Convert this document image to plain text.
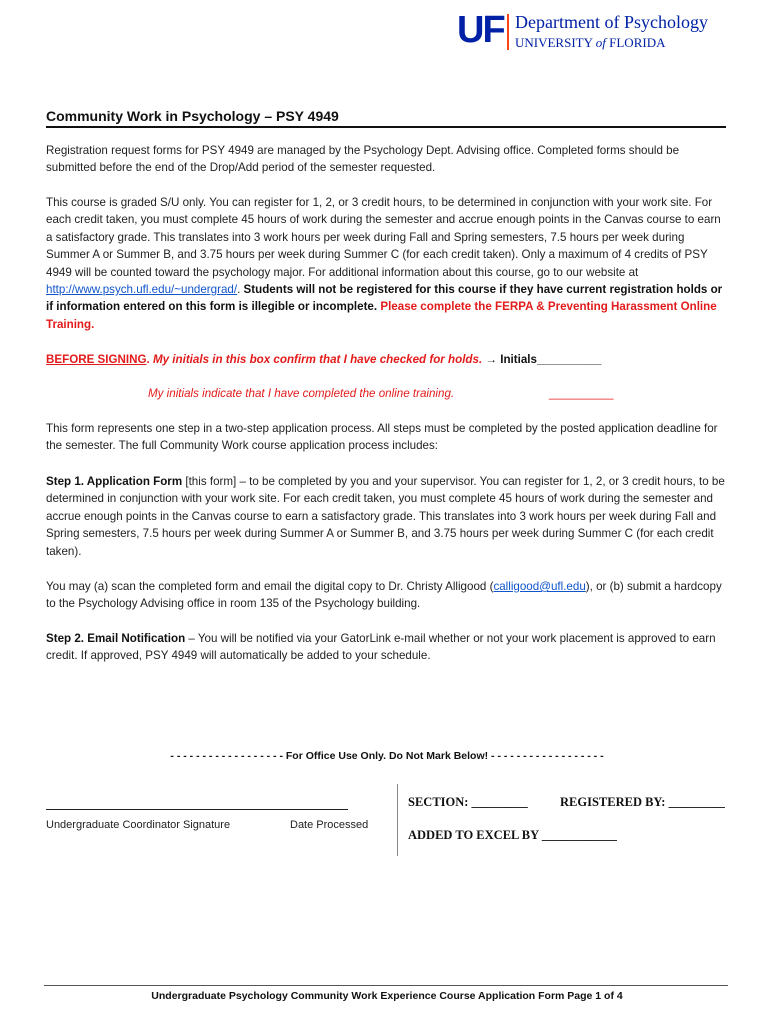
UF Department of Psychology
UNIVERSITY of FLORIDA
Community Work in Psychology – PSY 4949

Registration request forms for PSY 4949 are managed by the Psychology Dept. Advising office. Completed forms should be submitted before the end of the Drop/Add period of the semester requested.

This course is graded S/U only. You can register for 1, 2, or 3 credit hours, to be determined in conjunction with your work site. For each credit taken, you must complete 45 hours of work during the semester and accrue enough points in the Canvas course to earn a satisfactory grade. This translates into 3 work hours per week during Fall and Spring semesters, 7.5 hours per week during Summer A or Summer B, and 3.75 hours per week during Summer C (for each credit taken). Only a maximum of 4 credits of PSY 4949 will be counted toward the psychology major. For additional information about this course, go to our website at http://www.psych.ufl.edu/~undergrad/. Students will not be registered for this course if they have current registration holds or if information entered on this form is illegible or incomplete. Please complete the FERPA & Preventing Harassment Online Training.

BEFORE SIGNING. My initials in this box confirm that I have checked for holds. → Initials__________

My initials indicate that I have completed the online training.	__________

This form represents one step in a two-step application process. All steps must be completed by the posted application deadline for the semester. The full Community Work course application process includes:

Step 1. Application Form [this form] – to be completed by you and your supervisor. You can register for 1, 2, or 3 credit hours, to be determined in conjunction with your work site. For each credit taken, you must complete 45 hours of work during the semester and accrue enough points in the Canvas course to earn a satisfactory grade. This translates into 3 work hours per week during Fall and Spring semesters, 7.5 hours per week during Summer A or Summer B, and 3.75 hours per week during Summer C (for each credit taken).

You may (a) scan the completed form and email the digital copy to Dr. Christy Alligood (calligood@ufl.edu), or (b) submit a hardcopy to the Psychology Advising office in room 135 of the Psychology building.

Step 2. Email Notification – You will be notified via your GatorLink e-mail whether or not your work placement is approved to earn credit. If approved, PSY 4949 will automatically be added to your schedule.

- - - - - - - - - - - - - - - - - - For Office Use Only. Do Not Mark Below! - - - - - - - - - - - - - - - - - -
Undergraduate Coordinator Signature	Date Processed
SECTION: _________	REGISTERED BY: _________
ADDED TO EXCEL BY ____________
Undergraduate Psychology Community Work Experience Course Application Form Page 1 of 4
